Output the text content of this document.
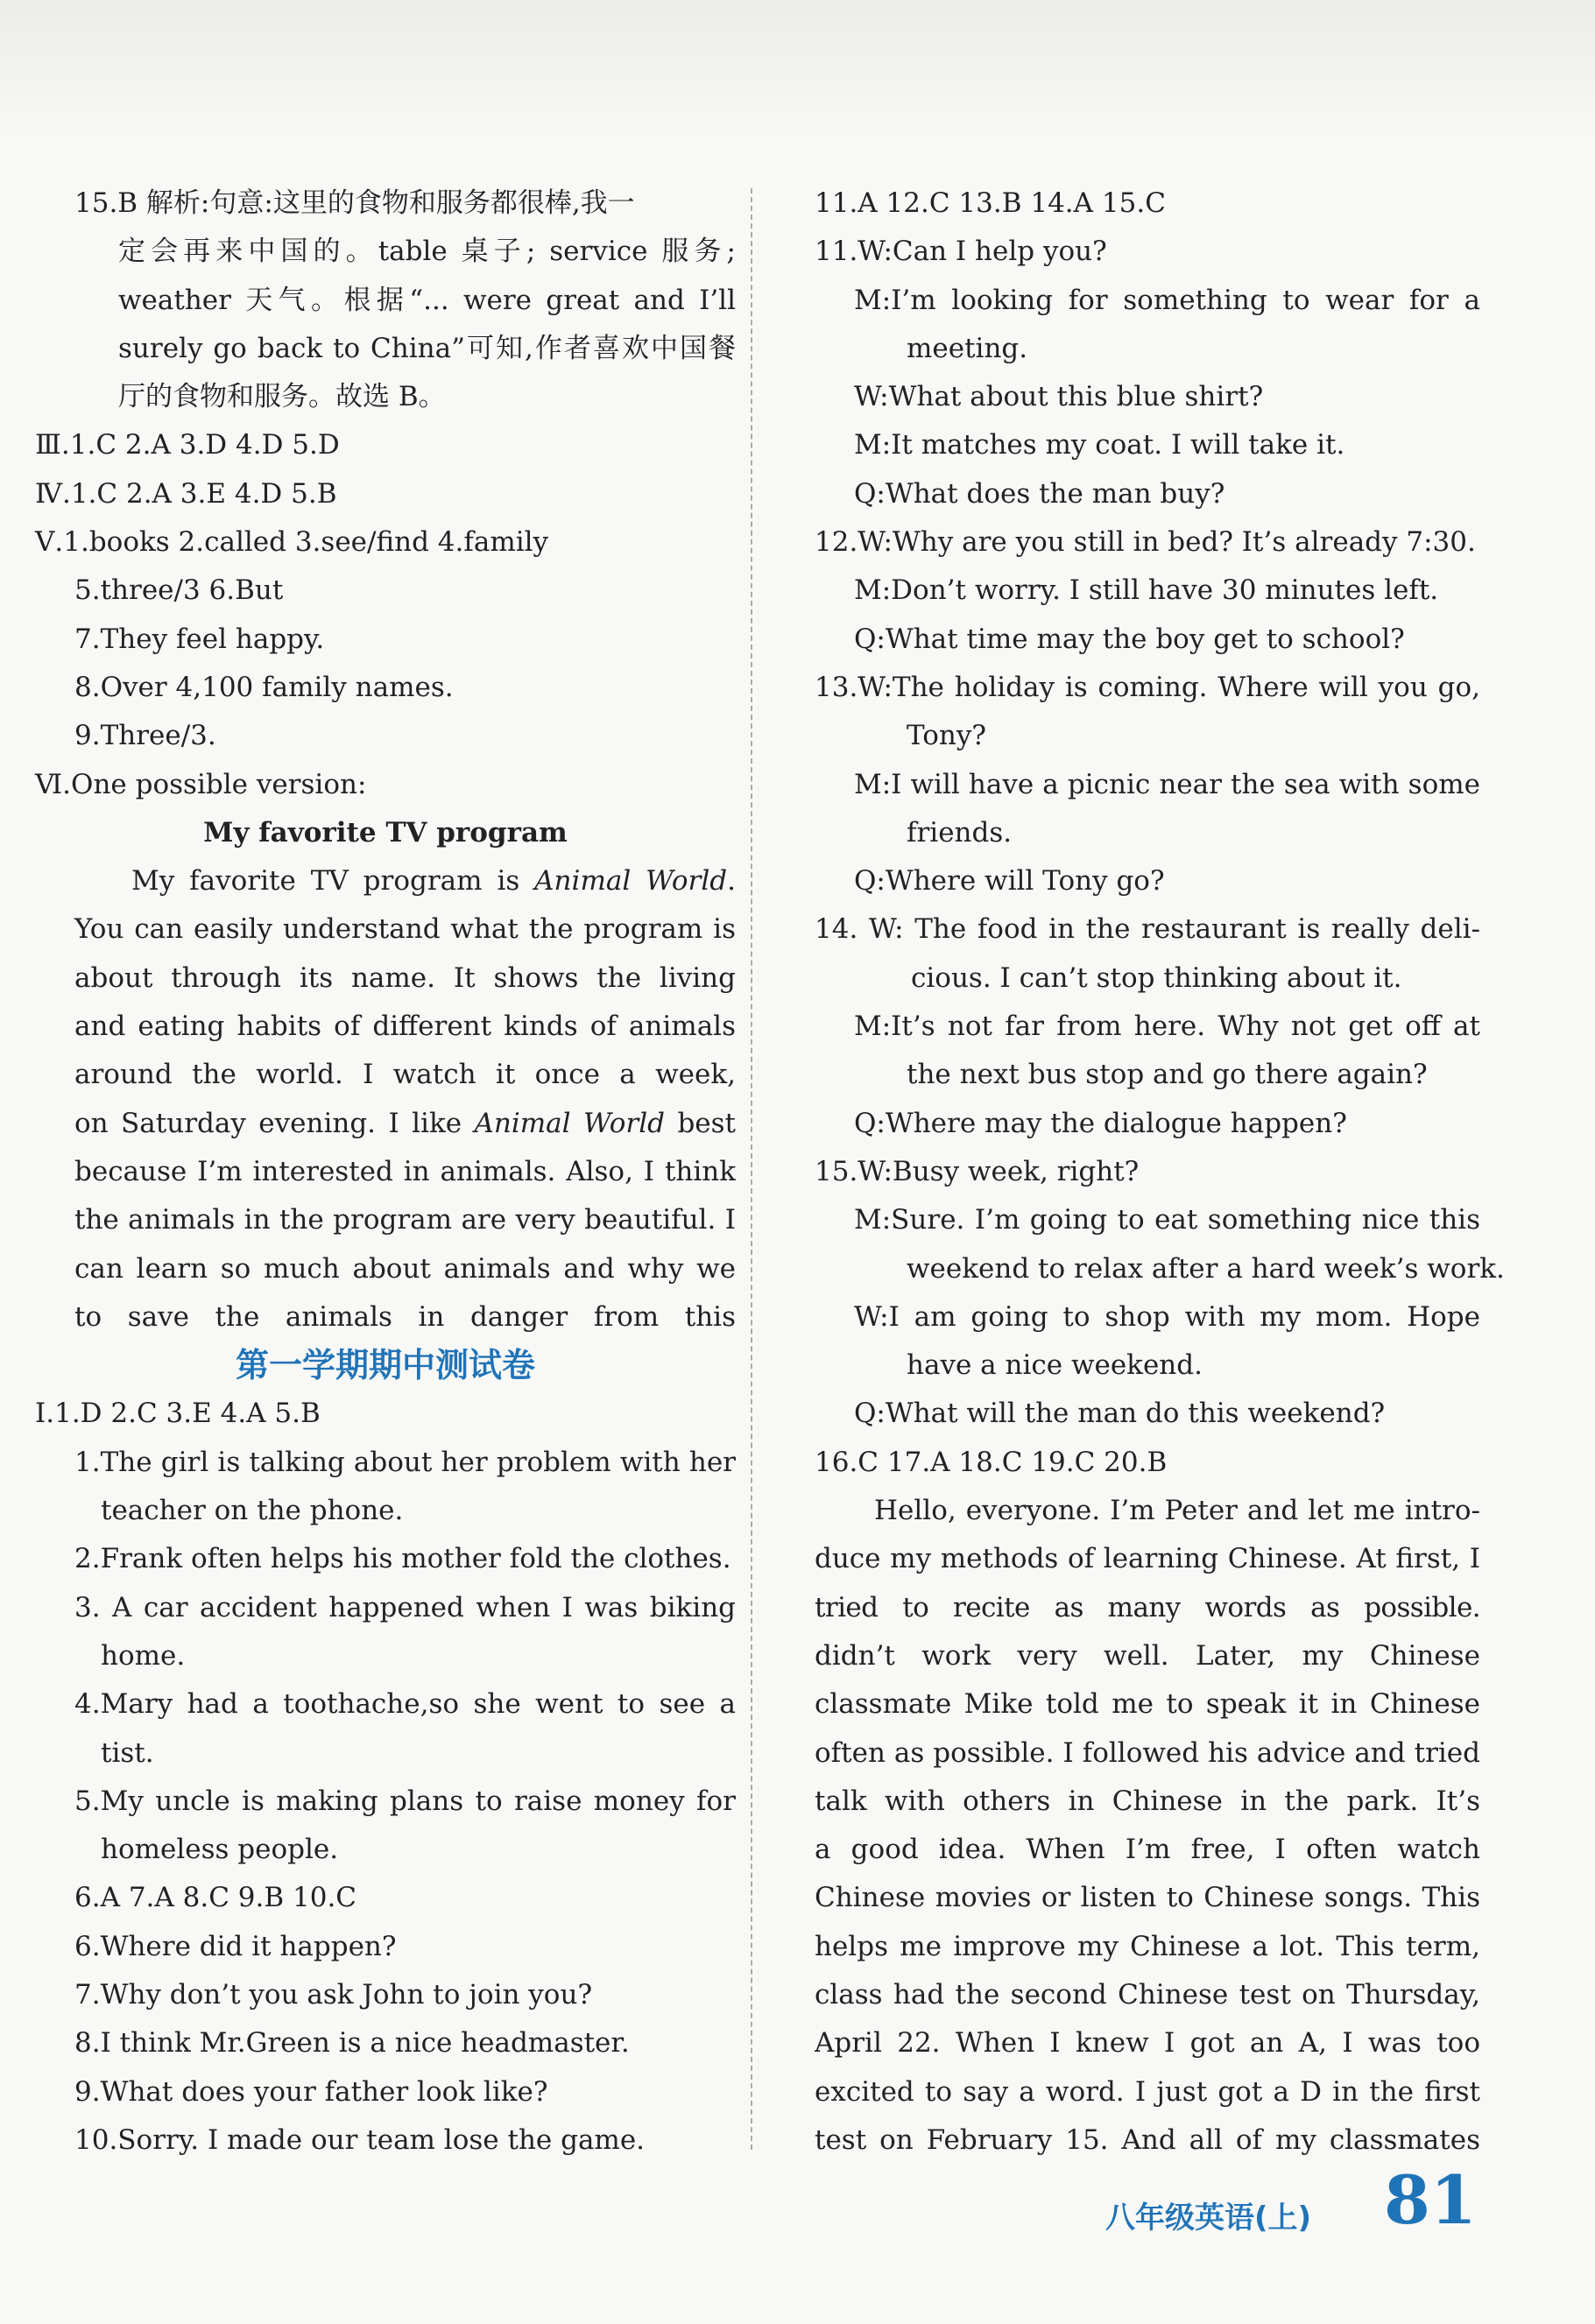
15.B 解析:句意:这里的食物和服务都很棒,我一
定会再来中国的。table 桌子; service 服务;
weather 天气。根据“... were great and I’ll
surely go back to China”可知,作者喜欢中国餐
厅的食物和服务。故选 B。
Ⅲ.1.C 2.A 3.D 4.D 5.D
Ⅳ.1.C 2.A 3.E 4.D 5.B
Ⅴ.1.books 2.called 3.see/find 4.family
5.three/3 6.But
7.They feel happy.
8.Over 4,100 family names.
9.Three/3.
Ⅵ.One possible version:
My favorite TV program
My favorite TV program is Animal World.
You can easily understand what the program is
about through its name. It shows the living
and eating habits of different kinds of animals
around the world. I watch it once a week,
on Saturday evening. I like Animal World best
because I’m interested in animals. Also, I think
the animals in the program are very beautiful. I
can learn so much about animals and why we
to save the animals in danger from this
第一学期期中测试卷
Ⅰ.1.D 2.C 3.E 4.A 5.B
1.The girl is talking about her problem with her
teacher on the phone.
2.Frank often helps his mother fold the clothes.
3. A car accident happened when I was biking
home.
4.Mary had a toothache,so she went to see a
tist.
5.My uncle is making plans to raise money for
homeless people.
6.A 7.A 8.C 9.B 10.C
6.Where did it happen?
7.Why don’t you ask John to join you?
8.I think Mr.Green is a nice headmaster.
9.What does your father look like?
10.Sorry. I made our team lose the game.
11.A 12.C 13.B 14.A 15.C
11.W:Can I help you?
M:I’m looking for something to wear for a
meeting.
W:What about this blue shirt?
M:It matches my coat. I will take it.
Q:What does the man buy?
12.W:Why are you still in bed? It’s already 7:30.
M:Don’t worry. I still have 30 minutes left.
Q:What time may the boy get to school?
13.W:The holiday is coming. Where will you go,
Tony?
M:I will have a picnic near the sea with some
friends.
Q:Where will Tony go?
14. W: The food in the restaurant is really deli-
cious. I can’t stop thinking about it.
M:It’s not far from here. Why not get off at
the next bus stop and go there again?
Q:Where may the dialogue happen?
15.W:Busy week, right?
M:Sure. I’m going to eat something nice this
weekend to relax after a hard week’s work.
W:I am going to shop with my mom. Hope
have a nice weekend.
Q:What will the man do this weekend?
16.C 17.A 18.C 19.C 20.B
Hello, everyone. I’m Peter and let me intro-
duce my methods of learning Chinese. At first, I
tried to recite as many words as possible.
didn’t work very well. Later, my Chinese
classmate Mike told me to speak it in Chinese
often as possible. I followed his advice and tried
talk with others in Chinese in the park. It’s
a good idea. When I’m free, I often watch
Chinese movies or listen to Chinese songs. This
helps me improve my Chinese a lot. This term,
class had the second Chinese test on Thursday,
April 22. When I knew I got an A, I was too
excited to say a word. I just got a D in the first
test on February 15. And all of my classmates
八年级英语(上) 81
